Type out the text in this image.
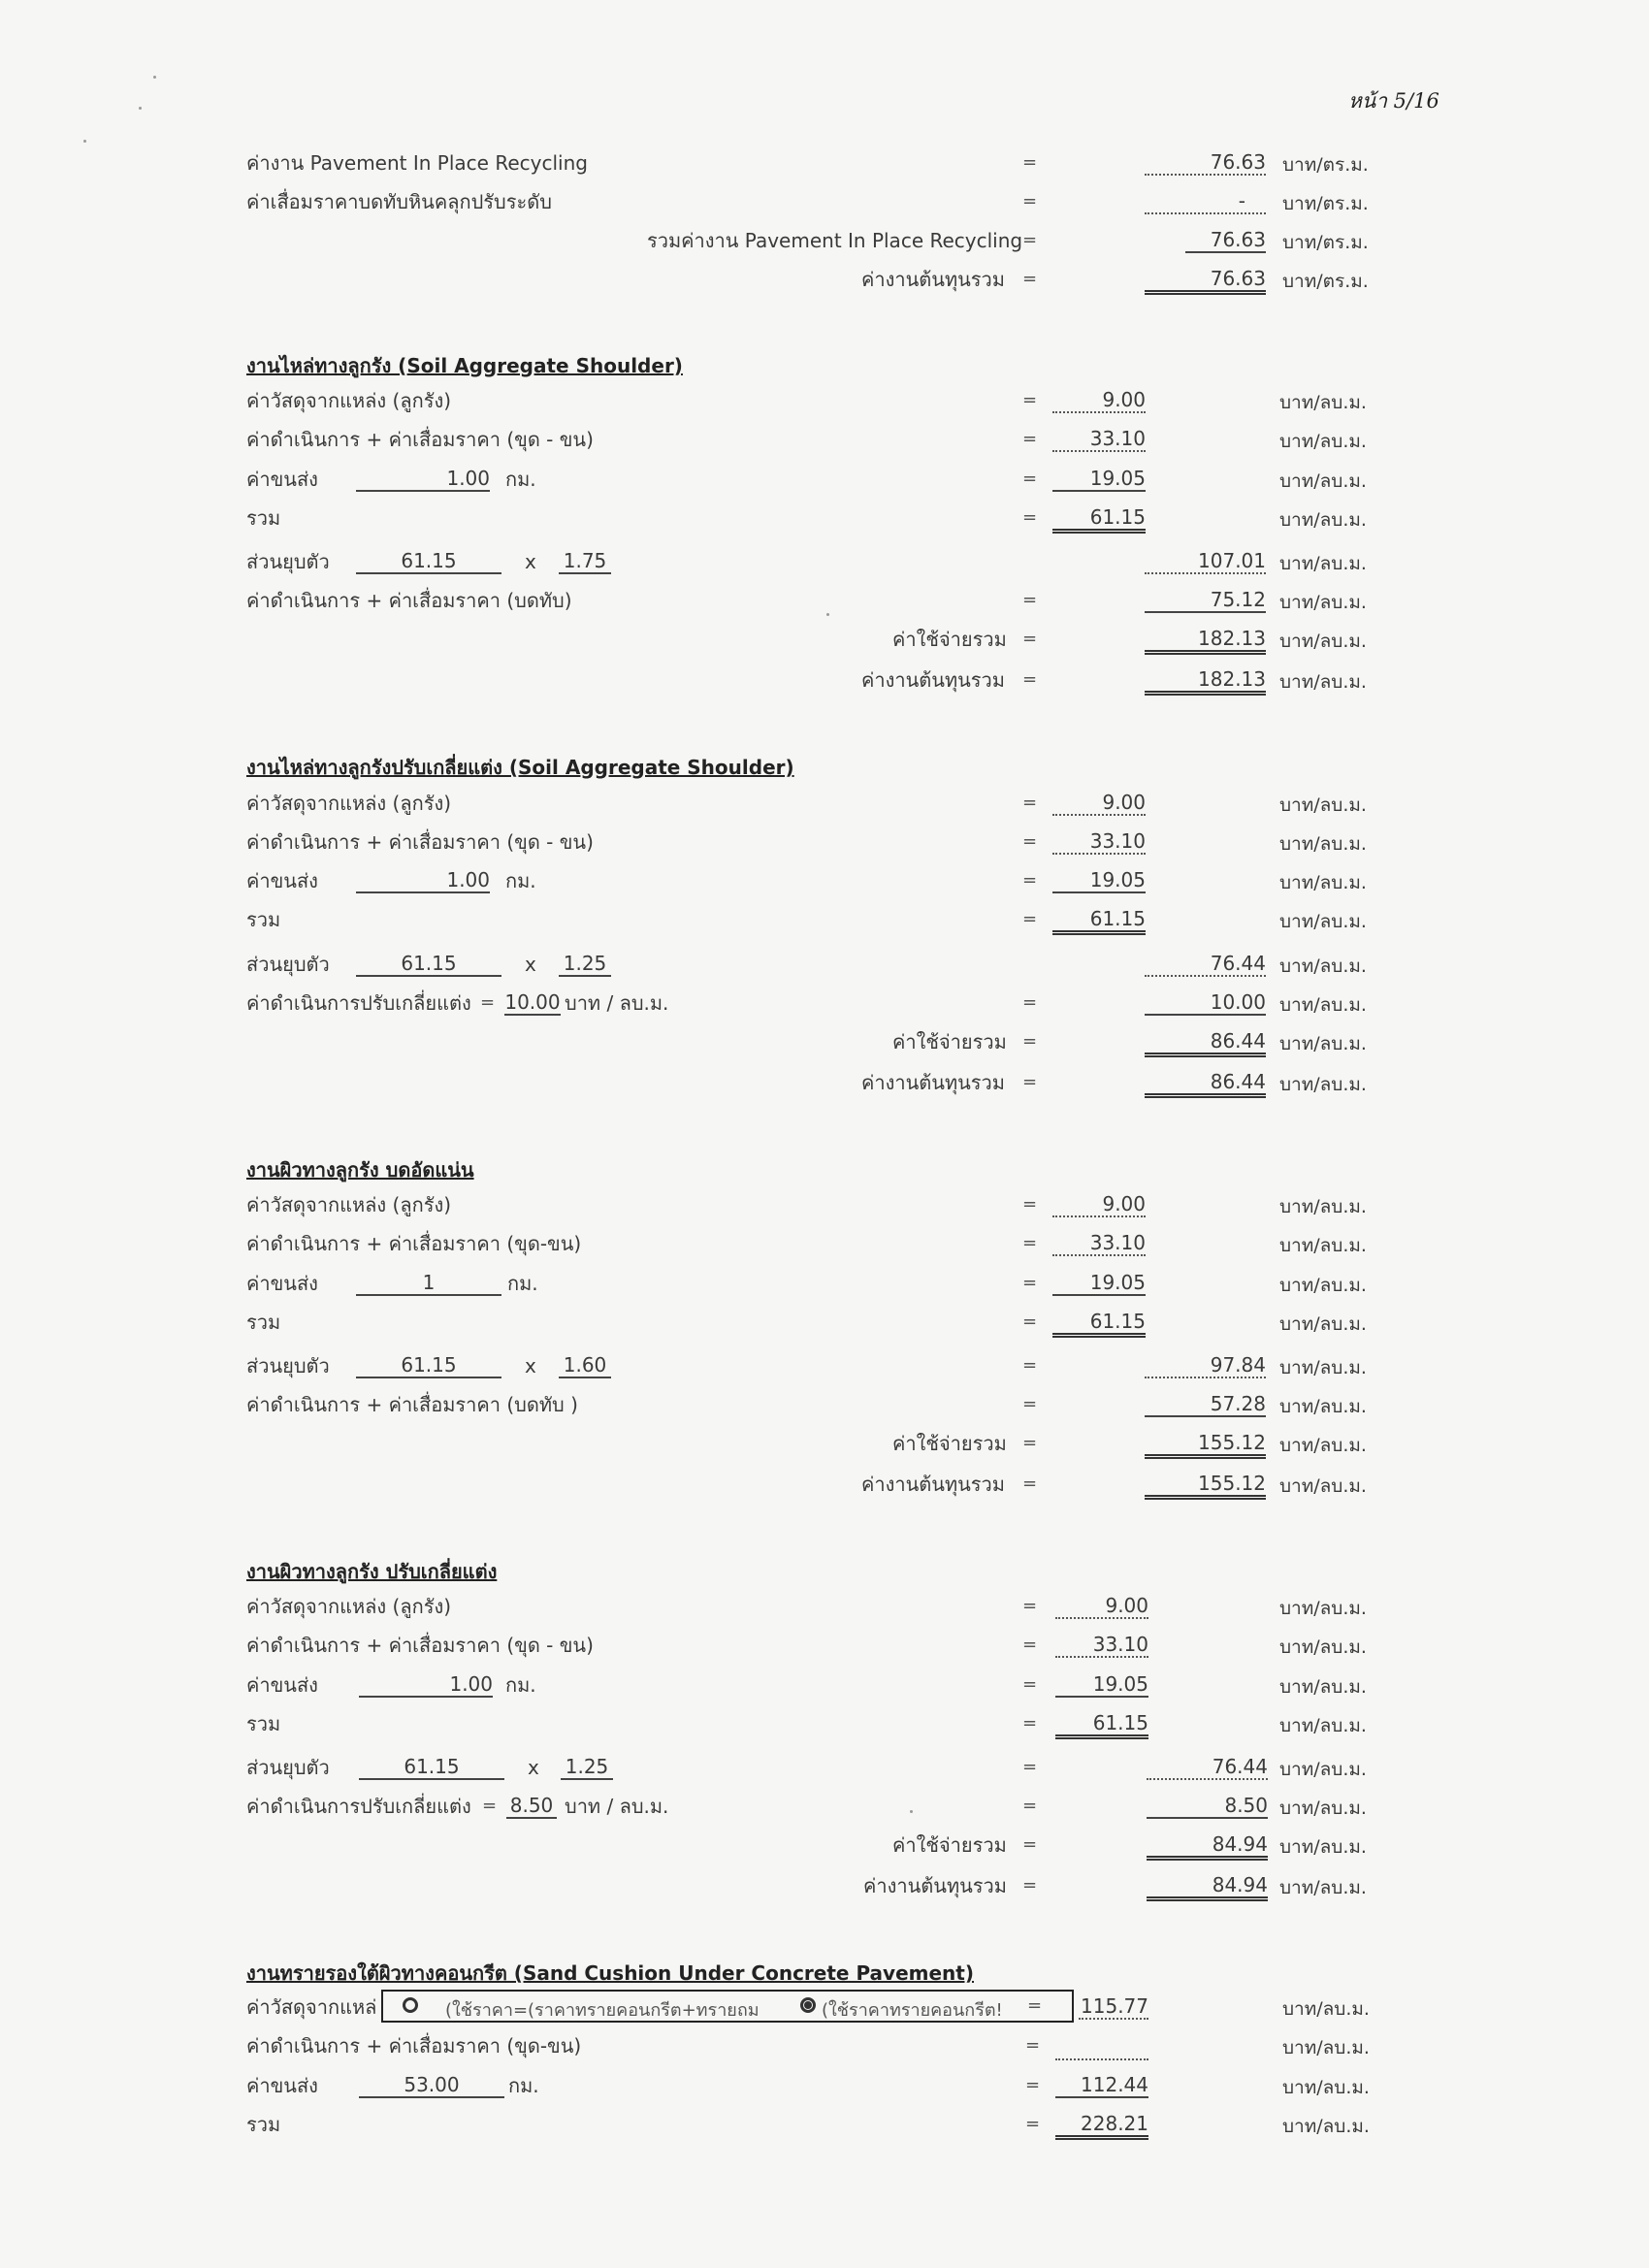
หน้า 5/16
ค่างาน Pavement In Place Recycling	=	76.63 บาท/ตร.ม.
ค่าเสื่อมราคาบดทับหินคลุกปรับระดับ	=	-	บาท/ตร.ม.
รวมค่างาน Pavement In Place Recycling =	76.63 บาท/ตร.ม.
ค่างานต้นทุนรวม =	76.63 บาท/ตร.ม.
งานไหล่ทางลูกรัง (Soil Aggregate Shoulder)
ค่าวัสดุจากแหล่ง (ลูกรัง)	=	9.00	บาท/ลบ.ม.
ค่าดำเนินการ + ค่าเสื่อมราคา (ขุด - ขน)	=	33.10	บาท/ลบ.ม.
ค่าขนส่ง	1.00 กม.	=	19.05	บาท/ลบ.ม.
รวม	=	61.15	บาท/ลบ.ม.
ส่วนยุบตัว	61.15	x 1.75	107.01 บาท/ลบ.ม.
ค่าดำเนินการ + ค่าเสื่อมราคา (บดทับ)	=	75.12 บาท/ลบ.ม.
ค่าใช้จ่ายรวม =	182.13 บาท/ลบ.ม.
ค่างานต้นทุนรวม =	182.13 บาท/ลบ.ม.
งานไหล่ทางลูกรังปรับเกลี่ยแต่ง (Soil Aggregate Shoulder)
ค่าวัสดุจากแหล่ง (ลูกรัง)	=	9.00	บาท/ลบ.ม.
ค่าดำเนินการ + ค่าเสื่อมราคา (ขุด - ขน)	=	33.10	บาท/ลบ.ม.
ค่าขนส่ง	1.00 กม.	=	19.05	บาท/ลบ.ม.
รวม	=	61.15	บาท/ลบ.ม.
ส่วนยุบตัว	61.15	x 1.25	76.44 บาท/ลบ.ม.
ค่าดำเนินการปรับเกลี่ยแต่ง = 10.00 บาท / ลบ.ม.	=	10.00 บาท/ลบ.ม.
ค่าใช้จ่ายรวม =	86.44 บาท/ลบ.ม.
ค่างานต้นทุนรวม =	86.44 บาท/ลบ.ม.
งานผิวทางลูกรัง บดอัดแน่น
ค่าวัสดุจากแหล่ง (ลูกรัง)	=	9.00	บาท/ลบ.ม.
ค่าดำเนินการ + ค่าเสื่อมราคา (ขุด-ขน)	=	33.10	บาท/ลบ.ม.
ค่าขนส่ง	1	กม.	=	19.05	บาท/ลบ.ม.
รวม	=	61.15	บาท/ลบ.ม.
ส่วนยุบตัว	61.15	x 1.60	=	97.84 บาท/ลบ.ม.
ค่าดำเนินการ + ค่าเสื่อมราคา (บดทับ )	=	57.28 บาท/ลบ.ม.
ค่าใช้จ่ายรวม =	155.12 บาท/ลบ.ม.
ค่างานต้นทุนรวม =	155.12 บาท/ลบ.ม.
งานผิวทางลูกรัง ปรับเกลี่ยแต่ง
ค่าวัสดุจากแหล่ง (ลูกรัง)	=	9.00	บาท/ลบ.ม.
ค่าดำเนินการ + ค่าเสื่อมราคา (ขุด - ขน)	=	33.10	บาท/ลบ.ม.
ค่าขนส่ง	1.00 กม.	=	19.05	บาท/ลบ.ม.
รวม	=	61.15	บาท/ลบ.ม.
ส่วนยุบตัว	61.15	x 1.25	=	76.44 บาท/ลบ.ม.
ค่าดำเนินการปรับเกลี่ยแต่ง = 8.50 บาท / ลบ.ม.	=	8.50 บาท/ลบ.ม.
ค่าใช้จ่ายรวม =	84.94 บาท/ลบ.ม.
ค่างานต้นทุนรวม =	84.94 บาท/ลบ.ม.
งานทรายรองใต้ผิวทางคอนกรีต (Sand Cushion Under Concrete Pavement)
ค่าวัสดุจากแหล่	(ใช้ราคา=(ราคาทรายคอนกรีต+ทรายถม	(ใช้ราคาทรายคอนกรีต! = 115.77	บาท/ลบ.ม.
ค่าดำเนินการ + ค่าเสื่อมราคา (ขุด-ขน)	=	บาท/ลบ.ม.
ค่าขนส่ง	53.00	กม.	=	112.44	บาท/ลบ.ม.
รวม	=	228.21	บาท/ลบ.ม.
